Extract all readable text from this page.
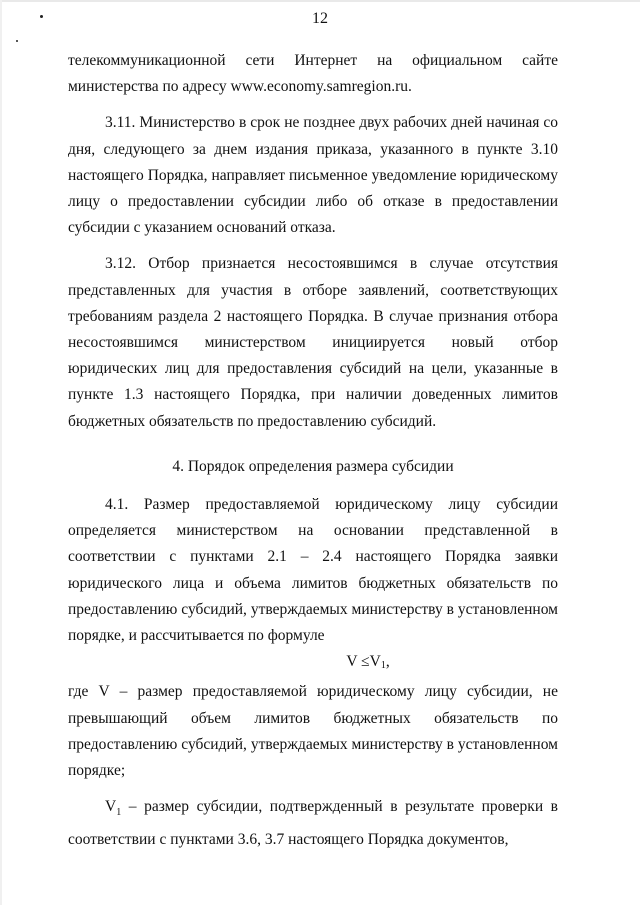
12

телекоммуникационной сети Интернет на официальном сайте министерства по адресу www.economy.samregion.ru.

3.11. Министерство в срок не позднее двух рабочих дней начиная со дня, следующего за днем издания приказа, указанного в пункте 3.10 настоящего Порядка, направляет письменное уведомление юридическому лицу о предоставлении субсидии либо об отказе в предоставлении субсидии с указанием оснований отказа.

3.12. Отбор признается несостоявшимся в случае отсутствия представленных для участия в отборе заявлений, соответствующих требованиям раздела 2 настоящего Порядка. В случае признания отбора несостоявшимся министерством инициируется новый отбор юридических лиц для предоставления субсидий на цели, указанные в пункте 1.3 настоящего Порядка, при наличии доведенных лимитов бюджетных обязательств по предоставлению субсидий.

4. Порядок определения размера субсидии

4.1. Размер предоставляемой юридическому лицу субсидии определяется министерством на основании представленной в соответствии с пунктами 2.1 – 2.4 настоящего Порядка заявки юридического лица и объема лимитов бюджетных обязательств по предоставлению субсидий, утверждаемых министерству в установленном порядке, и рассчитывается по формуле

$V \le V_1$,

где V – размер предоставляемой юридическому лицу субсидии, не превышающий объем лимитов бюджетных обязательств по предоставлению субсидий, утверждаемых министерству в установленном порядке;

$V_1$ – размер субсидии, подтвержденный в результате проверки в соответствии с пунктами 3.6, 3.7 настоящего Порядка документов,
